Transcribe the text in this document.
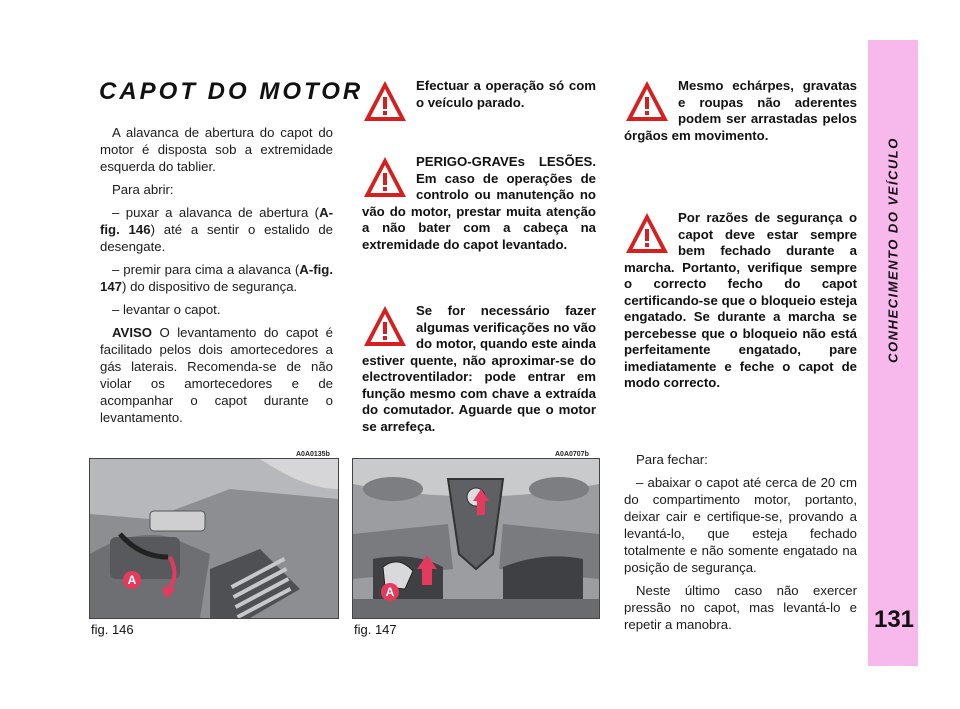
CONHECIMENTO DO VEÍCULO
131
CAPOT DO MOTOR

A alavanca de abertura do capot do motor é disposta sob a extremidade esquerda do tablier.

Para abrir:

– puxar a alavanca de abertura (A-fig. 146) até a sentir o estalido de desengate.

– premir para cima a alavanca (A-fig. 147) do dispositivo de segurança.

– levantar o capot.

AVISO O levantamento do capot é facilitado pelos dois amortecedores a gás laterais. Recomenda-se de não violar os amortecedores e de acompanhar o capot durante o levantamento.

Efectuar a operação só com o veículo parado.
PERIGO-GRAVEs LESÕES. Em caso de operações de controlo ou manutenção no vão do motor, prestar muita atenção a não bater com a cabeça na extremidade do capot levantado.
Se for necessário fazer algumas verificações no vão do motor, quando este ainda estiver quente, não aproximar-se do electroventilador: pode entrar em função mesmo com chave a extraída do comutador. Aguarde que o motor se arrefeça.
Mesmo echárpes, gravatas e roupas não aderentes podem ser arrastadas pelos órgãos em movimento.
Por razões de segurança o capot deve estar sempre bem fechado durante a marcha. Portanto, verifique sempre o correcto fecho do capot certificando-se que o bloqueio esteja engatado. Se durante a marcha se percebesse que o bloqueio não está perfeitamente engatado, pare imediatamente e feche o capot de modo correcto.

Para fechar:

– abaixar o capot até cerca de 20 cm do compartimento motor, portanto, deixar cair e certifique-se, provando a levantá-lo, que esteja fechado totalmente e não somente engatado na posição de segurança.

Neste último caso não exercer pressão no capot, mas levantá-lo e repetir a manobra.

A0A0135b
A
fig. 146
A0A0707b
A
fig. 147
